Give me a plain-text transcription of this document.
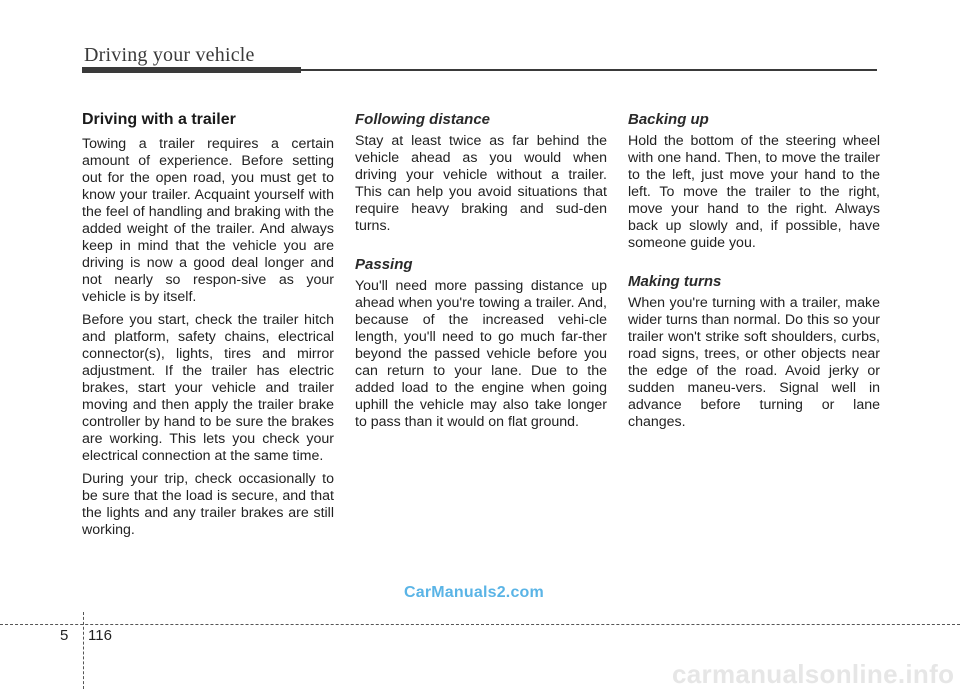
Driving your vehicle
Driving with a trailer

Towing a trailer requires a certain amount of experience. Before setting out for the open road, you must get to know your trailer. Acquaint yourself with the feel of handling and braking with the added weight of the trailer. And always keep in mind that the vehicle you are driving is now a good deal longer and not nearly so respon-sive as your vehicle is by itself.

Before you start, check the trailer hitch and platform, safety chains, electrical connector(s), lights, tires and mirror adjustment. If the trailer has electric brakes, start your vehicle and trailer moving and then apply the trailer brake controller by hand to be sure the brakes are working. This lets you check your electrical connection at the same time.

During your trip, check occasionally to be sure that the load is secure, and that the lights and any trailer brakes are still working.

Following distance

Stay at least twice as far behind the vehicle ahead as you would when driving your vehicle without a trailer. This can help you avoid situations that require heavy braking and sud-den turns.

Passing

You'll need more passing distance up ahead when you're towing a trailer. And, because of the increased vehi-cle length, you'll need to go much far-ther beyond the passed vehicle before you can return to your lane. Due to the added load to the engine when going uphill the vehicle may also take longer to pass than it would on flat ground.

Backing up

Hold the bottom of the steering wheel with one hand. Then, to move the trailer to the left, just move your hand to the left. To move the trailer to the right, move your hand to the right. Always back up slowly and, if possible, have someone guide you.

Making turns

When you're turning with a trailer, make wider turns than normal. Do this so your trailer won't strike soft shoulders, curbs, road signs, trees, or other objects near the edge of the road. Avoid jerky or sudden maneu-vers. Signal well in advance before turning or lane changes.

CarManuals2.com
5 116
carmanualsonline.info
